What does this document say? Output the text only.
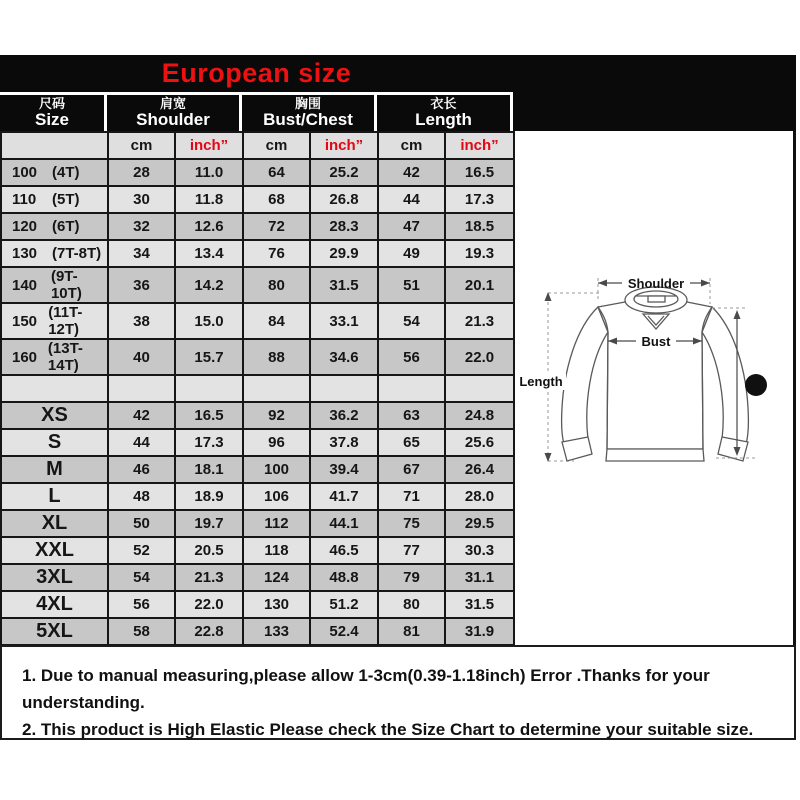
European size
尺码
Size
肩宽
Shoulder
胸围
Bust/Chest
衣长
Length
	cm	inch”	cm	inch”	cm	inch”

100 (4T)	28	11.0	64	25.2	42	16.5

110 (5T)	30	11.8	68	26.8	44	17.3

120 (6T)	32	12.6	72	28.3	47	18.5

130 (7T-8T)	34	13.4	76	29.9	49	19.3

140 (9T-10T)	36	14.2	80	31.5	51	20.1

150 (11T-12T)	38	15.0	84	33.1	54	21.3

160 (13T-14T)	40	15.7	88	34.6	56	22.0

XS	42	16.5	92	36.2	63	24.8
S	44	17.3	96	37.8	65	25.6
M	46	18.1	100	39.4	67	26.4
L	48	18.9	106	41.7	71	28.0
XL	50	19.7	112	44.1	75	29.5
XXL	52	20.5	118	46.5	77	30.3
3XL	54	21.3	124	48.8	79	31.1
4XL	56	22.0	130	51.2	80	31.5
5XL	58	22.8	133	52.4	81	31.9

Shoulder
Bust
Length	3
1. Due to manual measuring,please allow 1-3cm(0.39-1.18inch) Error .Thanks for your understanding.
2. This product is High Elastic Please check the Size Chart to determine your suitable size.
